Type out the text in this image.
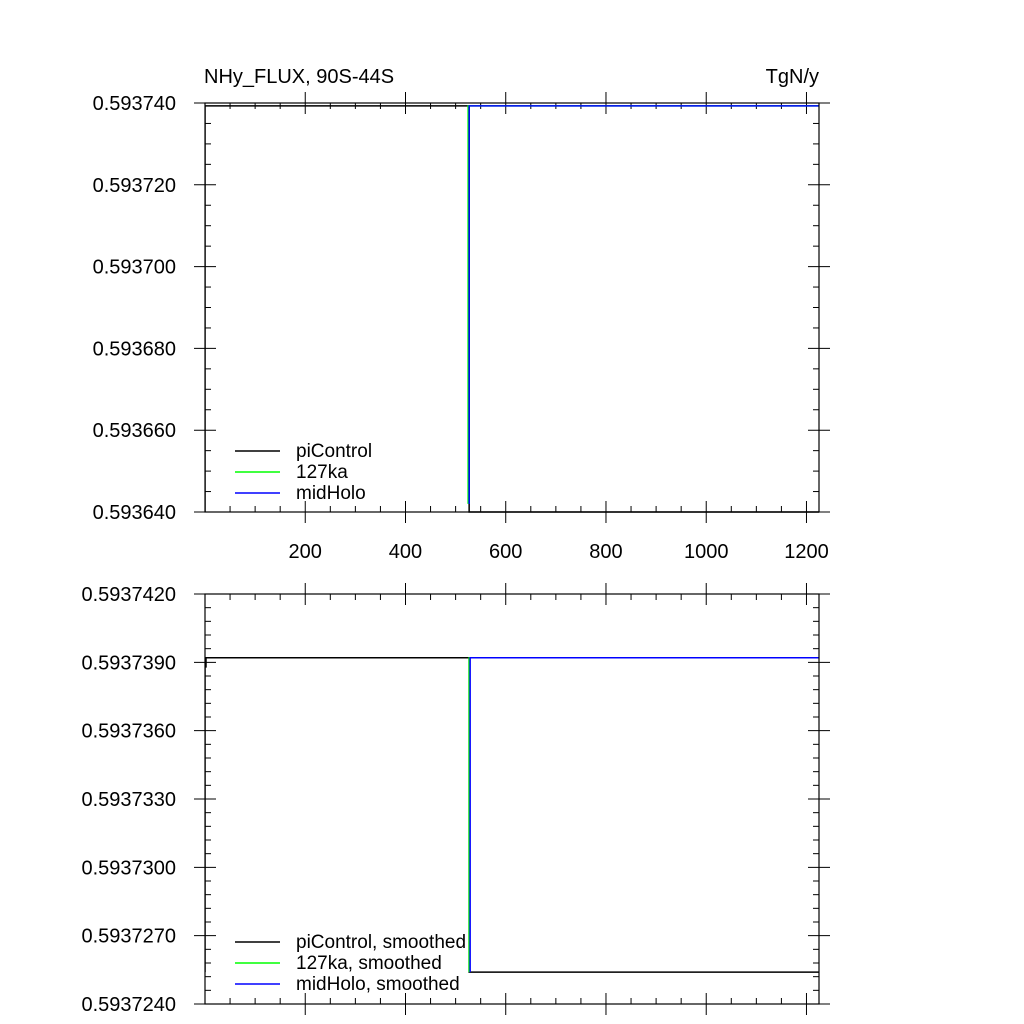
NHy_FLUX, 90S-44S	TgN/y
200	400	600	800	1000	1200
0.593640
0.593660
0.593680
0.593700
0.593720
0.593740
piControl
127ka
midHolo
0.5937240
0.5937270
0.5937300
0.5937330
0.5937360
0.5937390
0.5937420
piControl, smoothed
127ka, smoothed
midHolo, smoothed
